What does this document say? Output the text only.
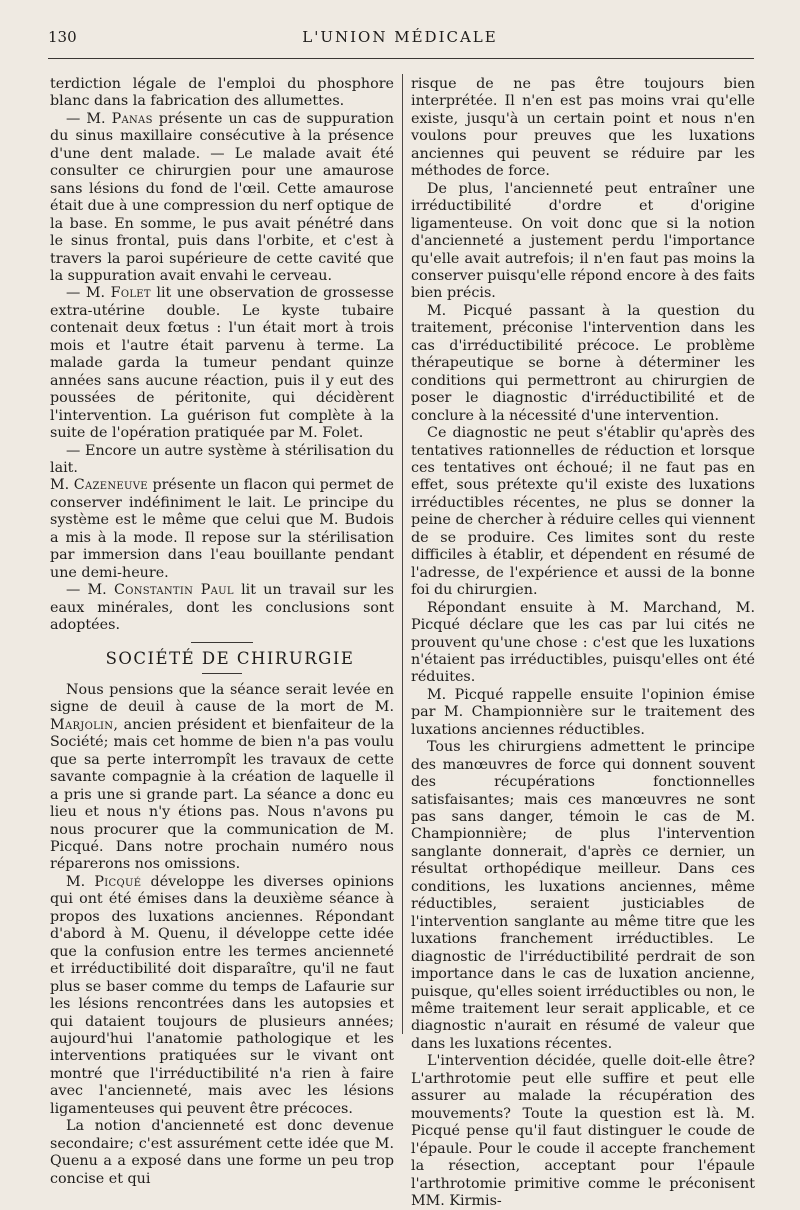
130	L'UNION MÉDICALE

terdiction légale de l'emploi du phosphore blanc dans la fabrication des allumettes.

— M. Panas présente un cas de suppuration du sinus maxillaire consécutive à la présence d'une dent malade. — Le malade avait été consulter ce chirurgien pour une amaurose sans lésions du fond de l'œil. Cette amaurose était due à une compression du nerf optique de la base. En somme, le pus avait pénétré dans le sinus frontal, puis dans l'orbite, et c'est à travers la paroi supérieure de cette cavité que la suppuration avait envahi le cerveau.

— M. Folet lit une observation de grossesse extra-utérine double. Le kyste tubaire contenait deux fœtus : l'un était mort à trois mois et l'autre était parvenu à terme. La malade garda la tumeur pendant quinze années sans aucune réaction, puis il y eut des poussées de péritonite, qui décidèrent l'intervention. La guérison fut complète à la suite de l'opération pratiquée par M. Folet.

— Encore un autre système à stérilisation du lait.

M. Cazeneuve présente un flacon qui permet de conserver indéfiniment le lait. Le principe du système est le même que celui que M. Budois a mis à la mode. Il repose sur la stérilisation par immersion dans l'eau bouillante pendant une demi-heure.

— M. Constantin Paul lit un travail sur les eaux minérales, dont les conclusions sont adoptées.

SOCIÉTÉ DE CHIRURGIE

Nous pensions que la séance serait levée en signe de deuil à cause de la mort de M. Marjolin, ancien président et bienfaiteur de la Société; mais cet homme de bien n'a pas voulu que sa perte interrompît les travaux de cette savante compagnie à la création de laquelle il a pris une si grande part. La séance a donc eu lieu et nous n'y étions pas. Nous n'avons pu nous procurer que la communication de M. Picqué. Dans notre prochain numéro nous réparerons nos omissions.

M. Picqué développe les diverses opinions qui ont été émises dans la deuxième séance à propos des luxations anciennes. Répondant d'abord à M. Quenu, il développe cette idée que la confusion entre les termes ancienneté et irréductibilité doit disparaître, qu'il ne faut plus se baser comme du temps de Lafaurie sur les lésions rencontrées dans les autopsies et qui dataient toujours de plusieurs années; aujourd'hui l'anatomie pathologique et les interventions pratiquées sur le vivant ont montré que l'irréductibilité n'a rien à faire avec l'ancienneté, mais avec les lésions ligamenteuses qui peuvent être précoces.

La notion d'ancienneté est donc devenue secondaire; c'est assurément cette idée que M. Quenu a a exposé dans une forme un peu trop concise et qui

risque de ne pas être toujours bien interprétée. Il n'en est pas moins vrai qu'elle existe, jusqu'à un certain point et nous n'en voulons pour preuves que les luxations anciennes qui peuvent se réduire par les méthodes de force.

De plus, l'ancienneté peut entraîner une irréductibilité d'ordre et d'origine ligamenteuse. On voit donc que si la notion d'ancienneté a justement perdu l'importance qu'elle avait autrefois; il n'en faut pas moins la conserver puisqu'elle répond encore à des faits bien précis.

M. Picqué passant à la question du traitement, préconise l'intervention dans les cas d'irréductibilité précoce. Le problème thérapeutique se borne à déterminer les conditions qui permettront au chirurgien de poser le diagnostic d'irréductibilité et de conclure à la nécessité d'une intervention.

Ce diagnostic ne peut s'établir qu'après des tentatives rationnelles de réduction et lorsque ces tentatives ont échoué; il ne faut pas en effet, sous prétexte qu'il existe des luxations irréductibles récentes, ne plus se donner la peine de chercher à réduire celles qui viennent de se produire. Ces limites sont du reste difficiles à établir, et dépendent en résumé de l'adresse, de l'expérience et aussi de la bonne foi du chirurgien.

Répondant ensuite à M. Marchand, M. Picqué déclare que les cas par lui cités ne prouvent qu'une chose : c'est que les luxations n'étaient pas irréductibles, puisqu'elles ont été réduites.

M. Picqué rappelle ensuite l'opinion émise par M. Championnière sur le traitement des luxations anciennes réductibles.

Tous les chirurgiens admettent le principe des manœuvres de force qui donnent souvent des récupérations fonctionnelles satisfaisantes; mais ces manœuvres ne sont pas sans danger, témoin le cas de M. Championnière; de plus l'intervention sanglante donnerait, d'après ce dernier, un résultat orthopédique meilleur. Dans ces conditions, les luxations anciennes, même réductibles, seraient justiciables de l'intervention sanglante au même titre que les luxations franchement irréductibles. Le diagnostic de l'irréductibilité perdrait de son importance dans le cas de luxation ancienne, puisque, qu'elles soient irréductibles ou non, le même traitement leur serait applicable, et ce diagnostic n'aurait en résumé de valeur que dans les luxations récentes.

L'intervention décidée, quelle doit-elle être? L'arthrotomie peut elle suffire et peut elle assurer au malade la récupération des mouvements? Toute la question est là. M. Picqué pense qu'il faut distinguer le coude de l'épaule. Pour le coude il accepte franchement la résection, acceptant pour l'épaule l'arthrotomie primitive comme le préconisent MM. Kirmis-
